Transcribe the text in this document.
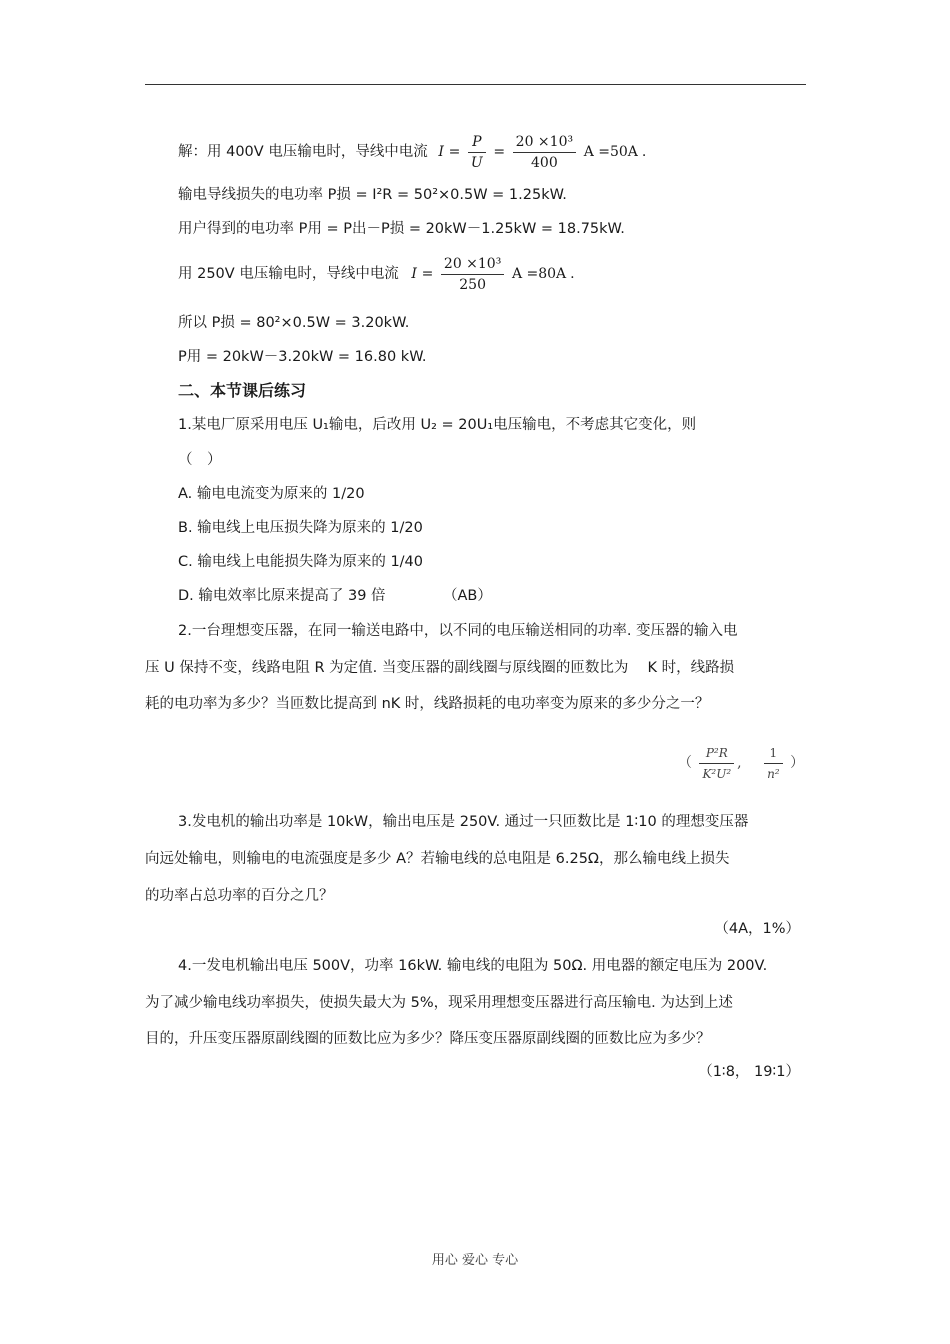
解：用 400V 电压输电时，导线中电流 $I = \frac{P}{U} = \frac{\text{20 ×10³}}{400}$ A =50A .
输电导线损失的电功率 P损 = I²R = 50²×0.5W = 1.25kW.
用户得到的电功率 P用 = P出－P损 = 20kW－1.25kW = 18.75kW.
用 250V 电压输电时，导线中电流 $I = \frac{\text{20 ×10³}}{250}$ A =80A .
所以 P损 = 80²×0.5W = 3.20kW.
P用 = 20kW－3.20kW = 16.80 kW.
二、本节课后练习
1.某电厂原采用电压 U₁输电，后改用 U₂ = 20U₁电压输电，不考虑其它变化，则
（　）
A. 输电电流变为原来的 1/20
B. 输电线上电压损失降为原来的 1/20
C. 输电线上电能损失降为原来的 1/40
D. 输电效率比原来提高了 39 倍	（AB）
2.一台理想变压器，在同一输送电路中，以不同的电压输送相同的功率. 变压器的输入电
压 U 保持不变，线路电阻 R 为定值. 当变压器的副线圈与原线圈的匝数比为　 K 时，线路损
耗的电功率为多少？当匝数比提高到 nK 时，线路损耗的电功率变为原来的多少分之一？
（ $\frac{\text{P²R}}{\text{K²U²}}$ , $\frac{1}{\text{n²}}$ ）
3.发电机的输出功率是 10kW，输出电压是 250V. 通过一只匝数比是 1∶10 的理想变压器
向远处输电，则输电的电流强度是多少 A？若输电线的总电阻是 6.25Ω，那么输电线上损失
的功率占总功率的百分之几？
（4A，1%）
4.一发电机输出电压 500V，功率 16kW. 输电线的电阻为 50Ω. 用电器的额定电压为 200V.
为了减少输电线功率损失，使损失最大为 5%，现采用理想变压器进行高压输电. 为达到上述
目的，升压变压器原副线圈的匝数比应为多少？降压变压器原副线圈的匝数比应为多少？
（1∶8， 19∶1）
用心 爱心 专心
